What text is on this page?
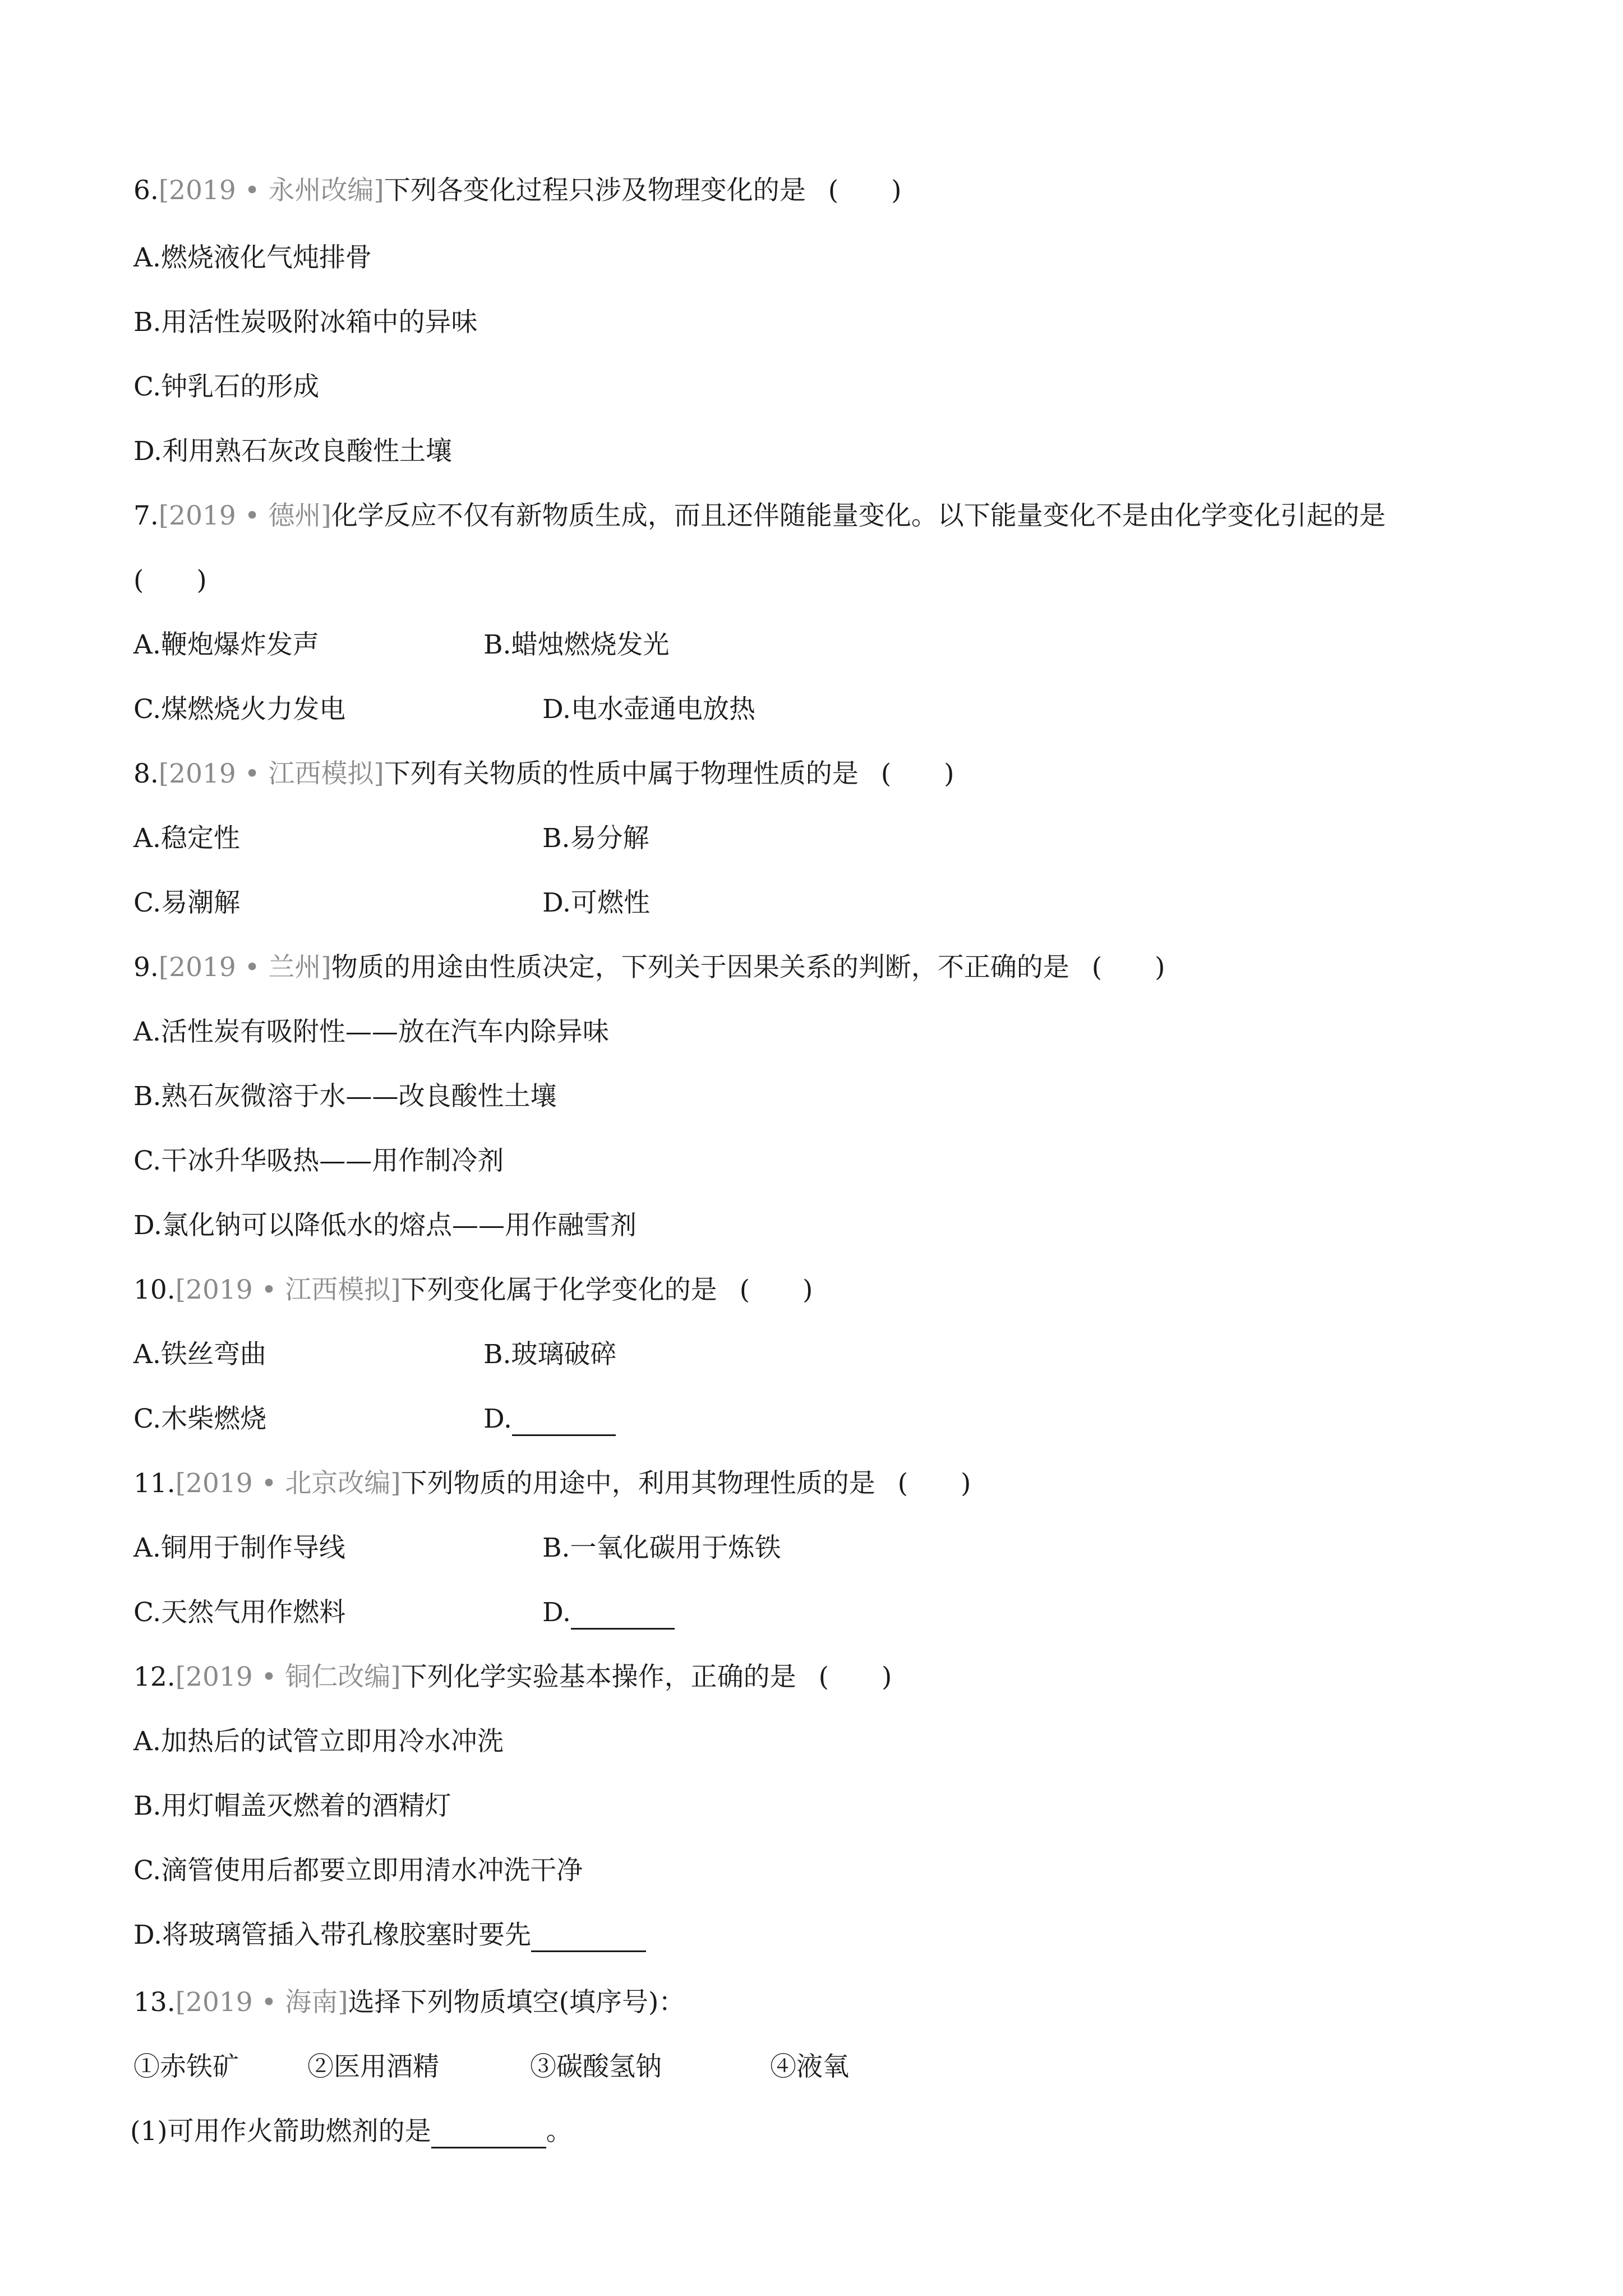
6.[2019 • 永州改编]下列各变化过程只涉及物理变化的是 (　　)
A.燃烧液化气炖排骨
B.用活性炭吸附冰箱中的异味
C.钟乳石的形成
D.利用熟石灰改良酸性土壤
7.[2019 • 德州]化学反应不仅有新物质生成，而且还伴随能量变化。以下能量变化不是由化学变化引起的是
(　　)
A.鞭炮爆炸发声	B.蜡烛燃烧发光
C.煤燃烧火力发电	D.电水壶通电放热
8.[2019 • 江西模拟]下列有关物质的性质中属于物理性质的是 (　　)
A.稳定性	B.易分解
C.易潮解	D.可燃性
9.[2019 • 兰州]物质的用途由性质决定，下列关于因果关系的判断，不正确的是 (　　)
A.活性炭有吸附性——放在汽车内除异味
B.熟石灰微溶于水——改良酸性土壤
C.干冰升华吸热——用作制冷剂
D.氯化钠可以降低水的熔点——用作融雪剂
10.[2019 • 江西模拟]下列变化属于化学变化的是 (　　)
A.铁丝弯曲	B.玻璃破碎
C.木柴燃烧	D.
11.[2019 • 北京改编]下列物质的用途中，利用其物理性质的是 (　　)
A.铜用于制作导线	B.一氧化碳用于炼铁
C.天然气用作燃料	D.
12.[2019 • 铜仁改编]下列化学实验基本操作，正确的是 (　　)
A.加热后的试管立即用冷水冲洗
B.用灯帽盖灭燃着的酒精灯
C.滴管使用后都要立即用清水冲洗干净
D.将玻璃管插入带孔橡胶塞时要先
13.[2019 • 海南]选择下列物质填空(填序号)：
①赤铁矿	②医用酒精	③碳酸氢钠	④液氧
(1)可用作火箭助燃剂的是	。
